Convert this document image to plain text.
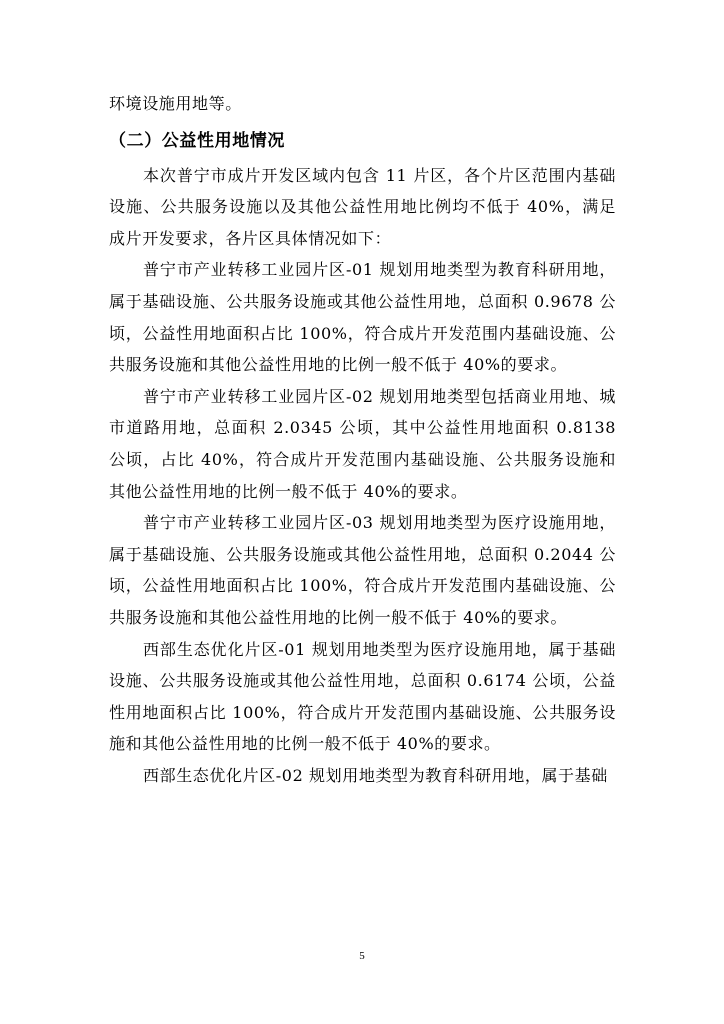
环境设施用地等。

（二）公益性用地情况

本次普宁市成片开发区域内包含 11 片区，各个片区范围内基础设施、公共服务设施以及其他公益性用地比例均不低于 40%，满足成片开发要求，各片区具体情况如下：

普宁市产业转移工业园片区-01 规划用地类型为教育科研用地，属于基础设施、公共服务设施或其他公益性用地，总面积 0.9678 公顷，公益性用地面积占比 100%，符合成片开发范围内基础设施、公共服务设施和其他公益性用地的比例一般不低于 40%的要求。

普宁市产业转移工业园片区-02 规划用地类型包括商业用地、城市道路用地，总面积 2.0345 公顷，其中公益性用地面积 0.8138 公顷，占比 40%，符合成片开发范围内基础设施、公共服务设施和其他公益性用地的比例一般不低于 40%的要求。

普宁市产业转移工业园片区-03 规划用地类型为医疗设施用地，属于基础设施、公共服务设施或其他公益性用地，总面积 0.2044 公顷，公益性用地面积占比 100%，符合成片开发范围内基础设施、公共服务设施和其他公益性用地的比例一般不低于 40%的要求。

西部生态优化片区-01 规划用地类型为医疗设施用地，属于基础设施、公共服务设施或其他公益性用地，总面积 0.6174 公顷，公益性用地面积占比 100%，符合成片开发范围内基础设施、公共服务设施和其他公益性用地的比例一般不低于 40%的要求。

西部生态优化片区-02 规划用地类型为教育科研用地，属于基础

5
